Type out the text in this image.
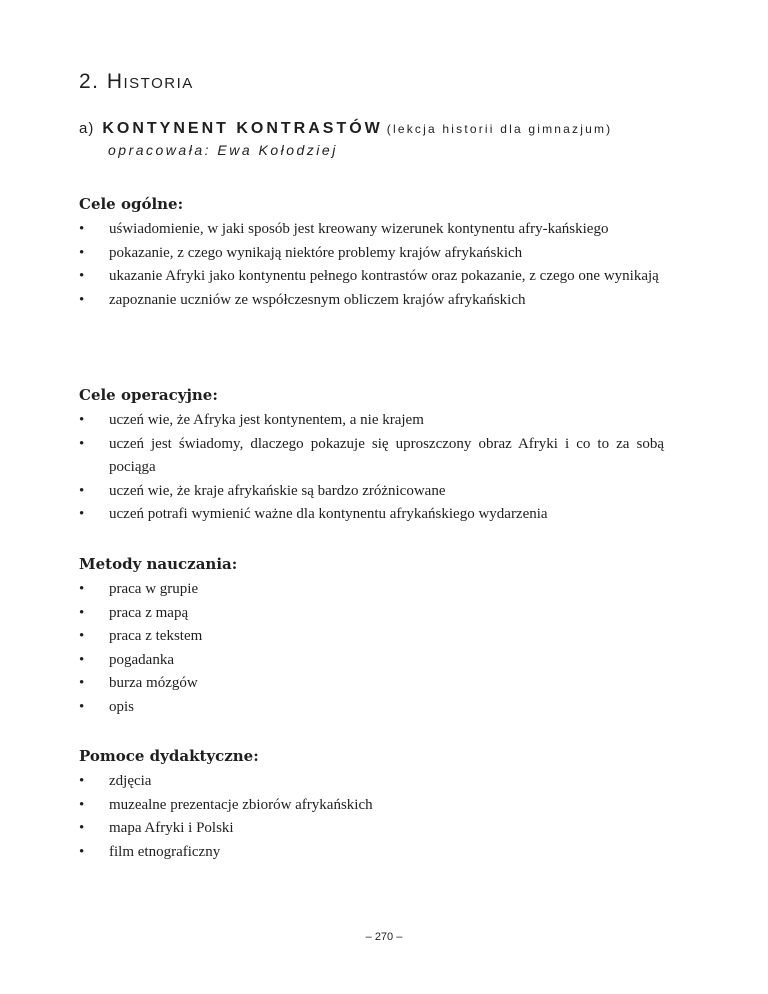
2. Historia
a) KONTYNENT KONTRASTÓW (lekcja historii dla gimnazjum)
opracowała: Ewa Kołodziej
Cele ogólne:
• uświadomienie, w jaki sposób jest kreowany wizerunek kontynentu afry-kańskiego
• pokazanie, z czego wynikają niektóre problemy krajów afrykańskich
• ukazanie Afryki jako kontynentu pełnego kontrastów oraz pokazanie, z czego one wynikają
• zapoznanie uczniów ze współczesnym obliczem krajów afrykańskich
Cele operacyjne:
• uczeń wie, że Afryka jest kontynentem, a nie krajem
• uczeń jest świadomy, dlaczego pokazuje się uproszczony obraz Afryki i co to za sobą pociąga
• uczeń wie, że kraje afrykańskie są bardzo zróżnicowane
• uczeń potrafi wymienić ważne dla kontynentu afrykańskiego wydarzenia
Metody nauczania:
• praca w grupie
• praca z mapą
• praca z tekstem
• pogadanka
• burza mózgów
• opis
Pomoce dydaktyczne:
• zdjęcia
• muzealne prezentacje zbiorów afrykańskich
• mapa Afryki i Polski
• film etnograficzny
– 270 –
